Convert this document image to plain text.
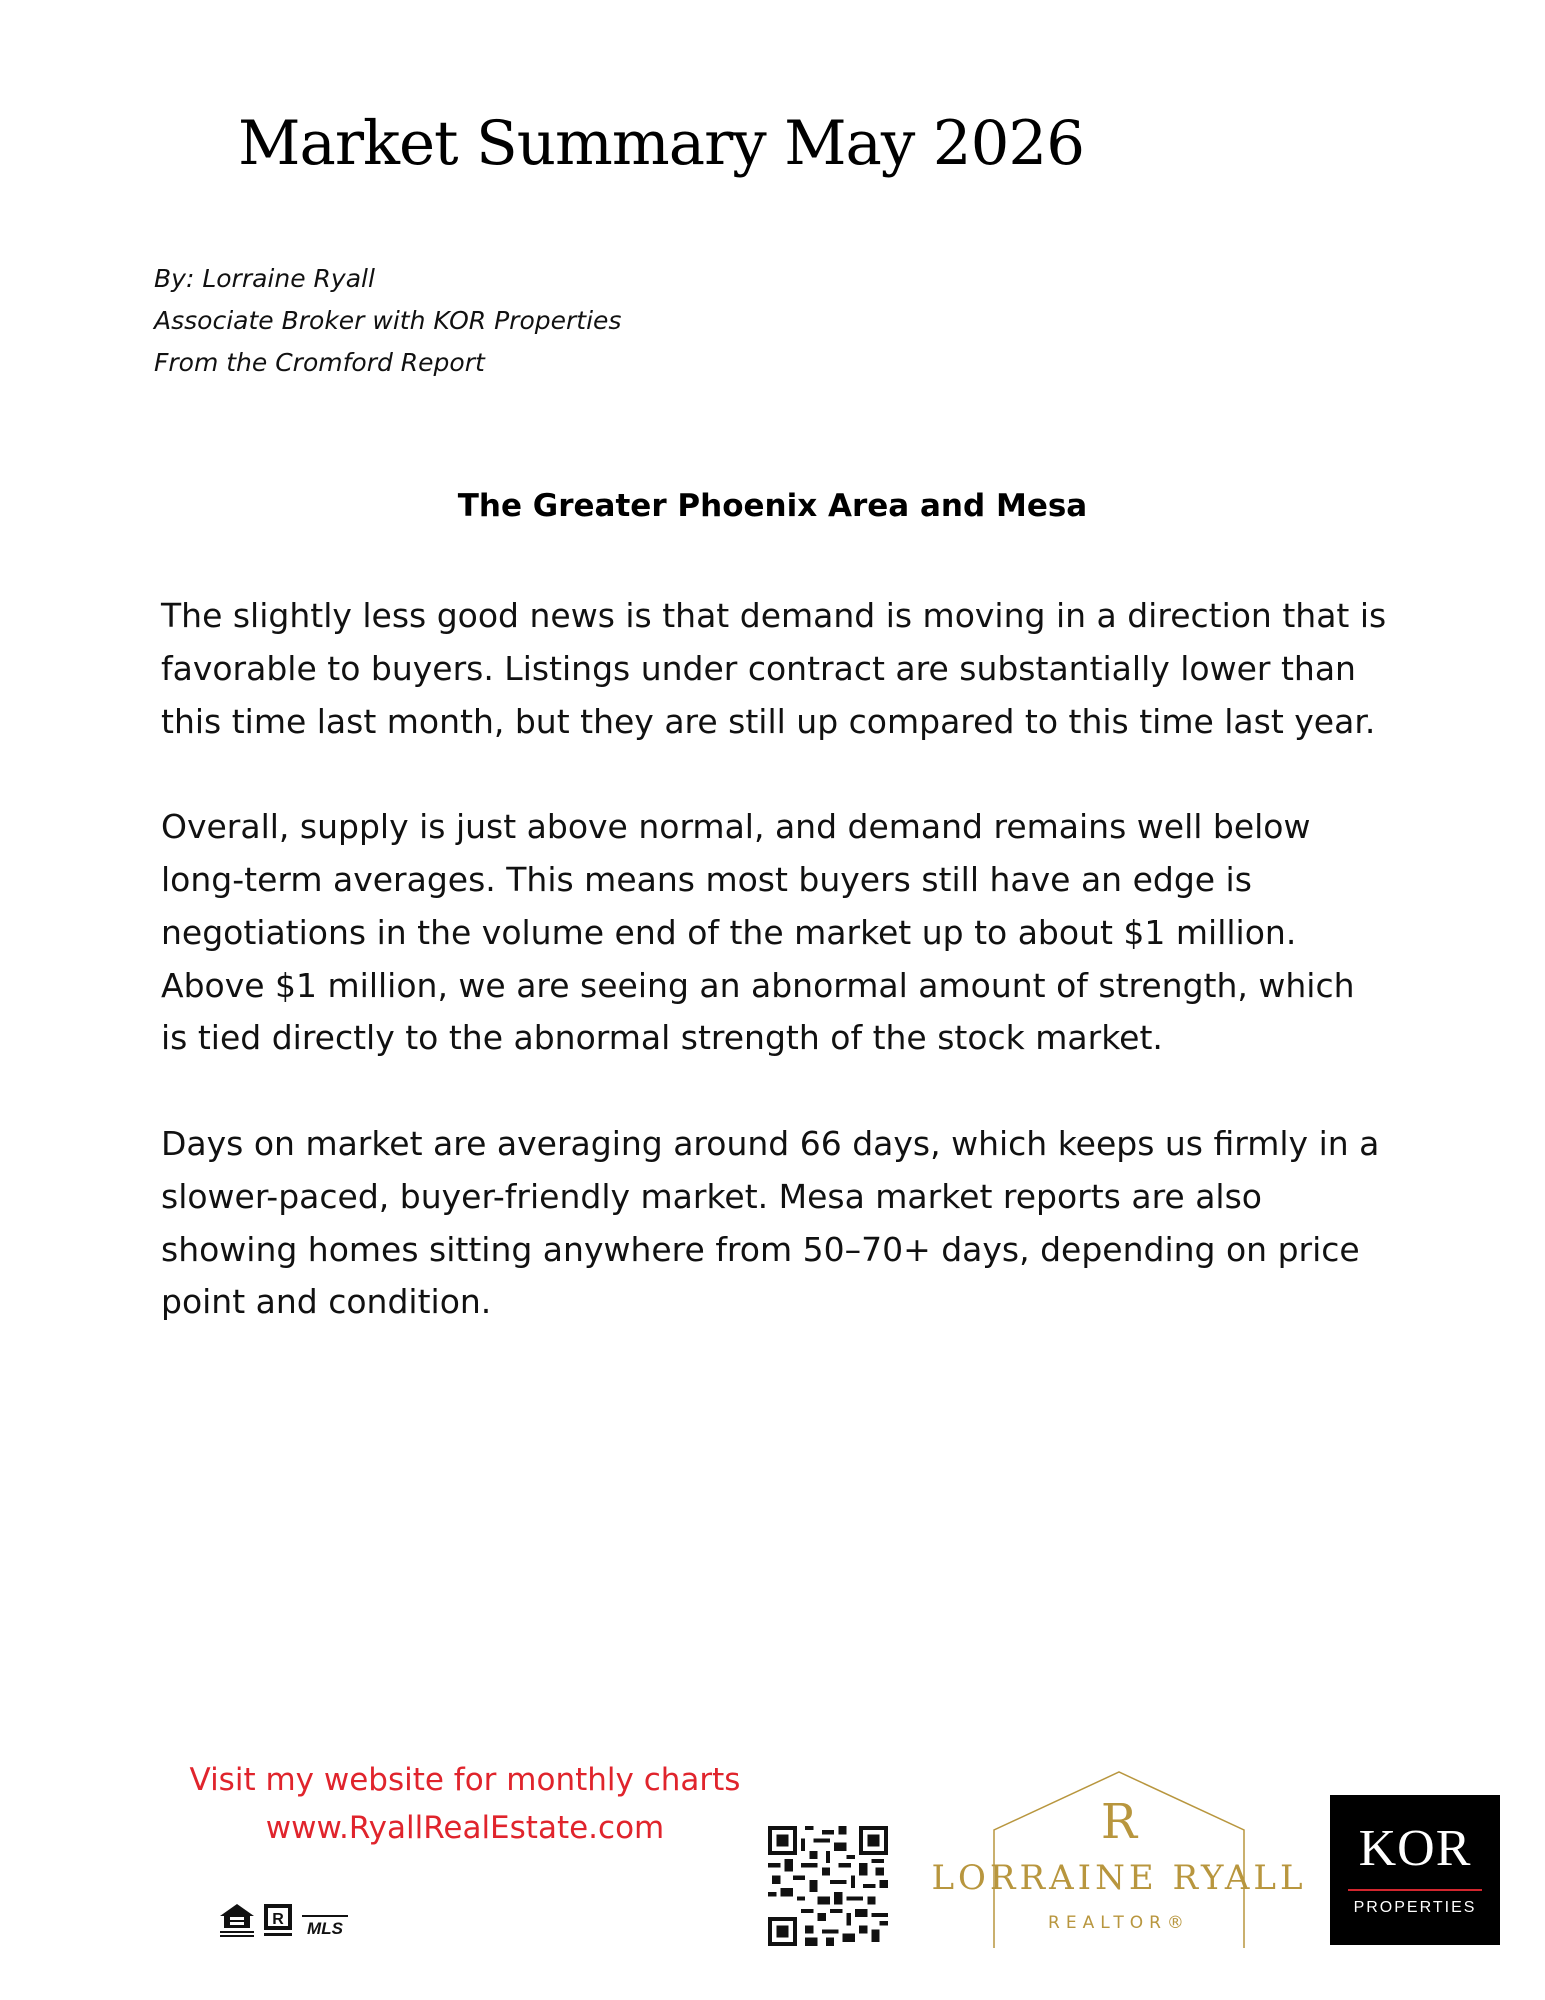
Market Summary May 2026
By: Lorraine Ryall
Associate Broker with KOR Properties
From the Cromford Report
The Greater Phoenix Area and Mesa

The slightly less good news is that demand is moving in a direction that is favorable to buyers. Listings under contract are substantially lower than this time last month, but they are still up compared to this time last year.

Overall, supply is just above normal, and demand remains well below long-term averages. This means most buyers still have an edge is negotiations in the volume end of the market up to about $1 million. Above $1 million, we are seeing an abnormal amount of strength, which is tied directly to the abnormal strength of the stock market.

Days on market are averaging around 66 days, which keeps us firmly in a slower-paced, buyer-friendly market. Mesa market reports are also showing homes sitting anywhere from 50–70+ days, depending on price point and condition.

Visit my website for monthly charts
www.RyallRealEstate.com
R MLS
R
LORRAINE RYALL
REALTOR®
KOR
PROPERTIES
